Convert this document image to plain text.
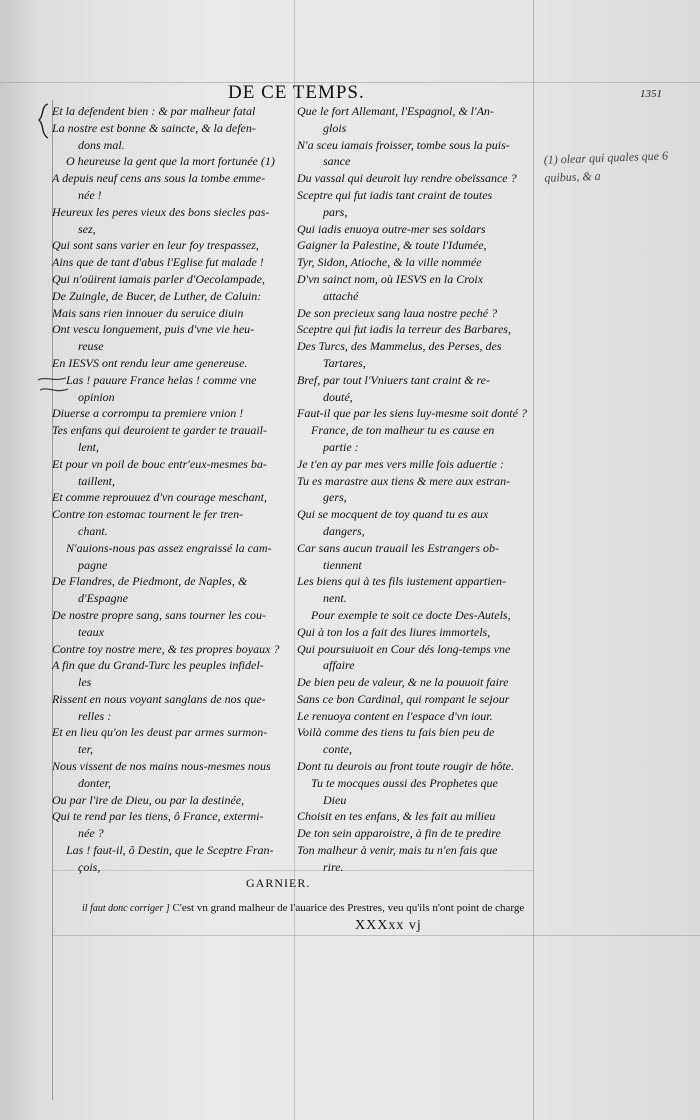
DE CE TEMPS.	1351
Et la defendent bien : & par malheur fatal
La nostre est bonne & saincte, & la defen-
dons mal.
O heureuse la gent que la mort fortunée (1)
A depuis neuf cens ans sous la tombe emme-
née !
Heureux les peres vieux des bons siecles pas-
sez,
Qui sont sans varier en leur foy trespassez,
Ains que de tant d'abus l'Eglise fut malade !
Qui n'oüirent iamais parler d'Oecolampade,
De Zuingle, de Bucer, de Luther, de Caluin:
Mais sans rien innouer du seruice diuin
Ont vescu longuement, puis d'vne vie heu-
reuse
En IESVS ont rendu leur ame genereuse.
Las ! pauure France helas ! comme vne
opinion
Diuerse a corrompu ta premiere vnion !
Tes enfans qui deuroient te garder te trauail-
lent,
Et pour vn poil de bouc entr'eux-mesmes ba-
taillent,
Et comme reprouuez d'vn courage meschant,
Contre ton estomac tournent le fer tren-
chant.
N'auions-nous pas assez engraissé la cam-
pagne
De Flandres, de Piedmont, de Naples, &
d'Espagne
De nostre propre sang, sans tourner les cou-
teaux
Contre toy nostre mere, & tes propres boyaux ?
A fin que du Grand-Turc les peuples infidel-
les
Rissent en nous voyant sanglans de nos que-
relles :
Et en lieu qu'on les deust par armes surmon-
ter,
Nous vissent de nos mains nous-mesmes nous
donter,
Ou par l'ire de Dieu, ou par la destinée,
Qui te rend par les tiens, ô France, extermi-
née ?
Las ! faut-il, ô Destin, que le Sceptre Fran-
çois,
Que le fort Allemant, l'Espagnol, & l'An-
glois
N'a sceu iamais froisser, tombe sous la puis-
sance
Du vassal qui deuroit luy rendre obeïssance ?
Sceptre qui fut iadis tant craint de toutes
pars,
Qui iadis enuoya outre-mer ses soldars
Gaigner la Palestine, & toute l'Idumée,
Tyr, Sidon, Atioche, & la ville nommée
D'vn sainct nom, où IESVS en la Croix
attaché
De son precieux sang laua nostre peché ?
Sceptre qui fut iadis la terreur des Barbares,
Des Turcs, des Mammelus, des Perses, des
Tartares,
Bref, par tout l'Vniuers tant craint & re-
douté,
Faut-il que par les siens luy-mesme soit donté ?
France, de ton malheur tu es cause en
partie :
Je t'en ay par mes vers mille fois aduertie :
Tu es marastre aux tiens & mere aux estran-
gers,
Qui se mocquent de toy quand tu es aux
dangers,
Car sans aucun trauail les Estrangers ob-
tiennent
Les biens qui à tes fils iustement appartien-
nent.
Pour exemple te soit ce docte Des-Autels,
Qui à ton los a fait des liures immortels,
Qui poursuiuoit en Cour dés long-temps vne
affaire
De bien peu de valeur, & ne la pouuoit faire
Sans ce bon Cardinal, qui rompant le sejour
Le renuoya content en l'espace d'vn iour.
Voilà comme des tiens tu fais bien peu de
conte,
Dont tu deurois au front toute rougir de hôte.
Tu te mocques aussi des Prophetes que
Dieu
Choisit en tes enfans, & les fait au milieu
De ton sein apparoistre, à fin de te predire
Ton malheur à venir, mais tu n'en fais que
rire.
(1) olear qui quales que 6 quibus, & a
GARNIER.
il faut donc corriger ] C'est vn grand malheur de l'auarice des Prestres, veu qu'ils n'ont point de charge
XXXxx vj
